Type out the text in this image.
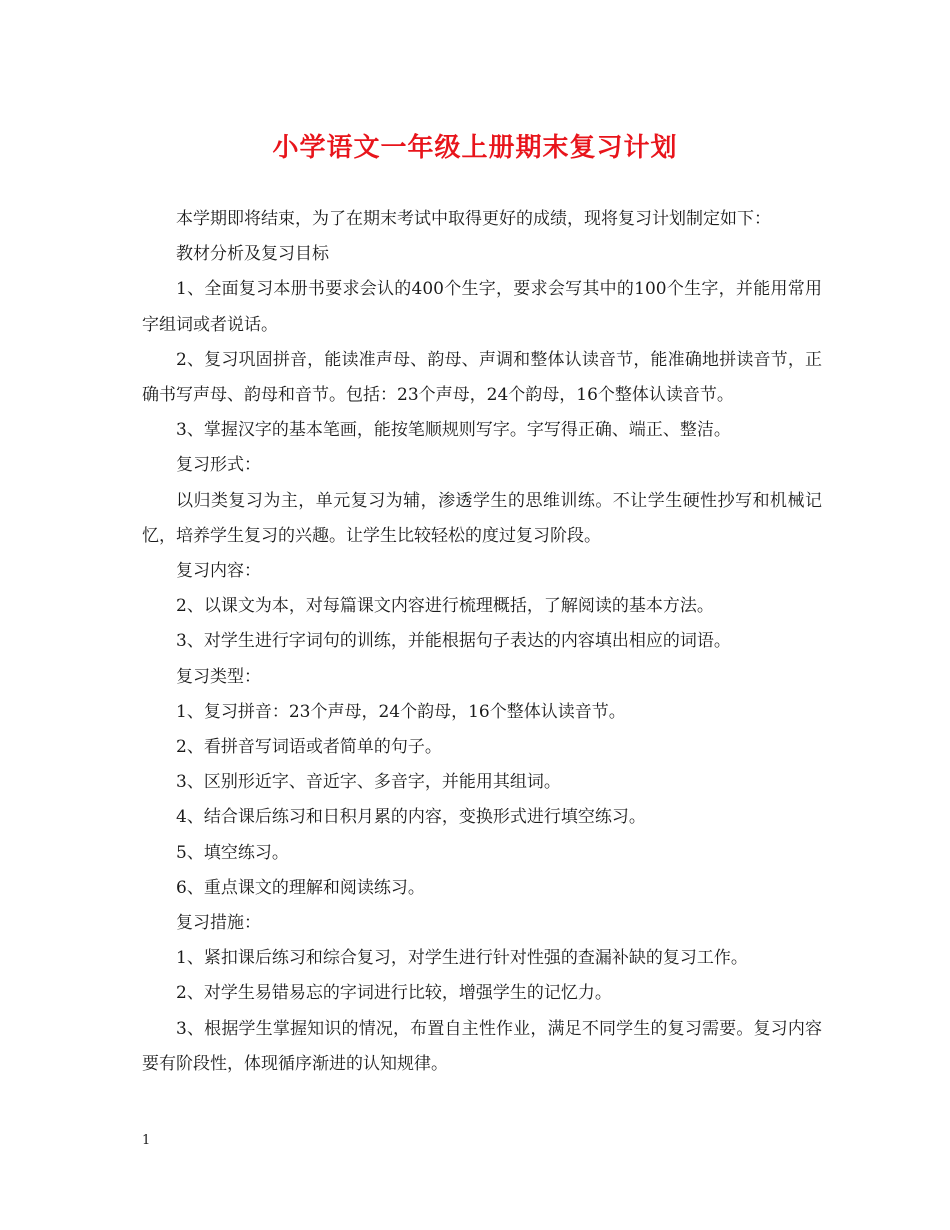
小学语文一年级上册期末复习计划

本学期即将结束，为了在期末考试中取得更好的成绩，现将复习计划制定如下：

教材分析及复习目标

1、全面复习本册书要求会认的400个生字，要求会写其中的100个生字，并能用常用字组词或者说话。

2、复习巩固拼音，能读准声母、韵母、声调和整体认读音节，能准确地拼读音节，正确书写声母、韵母和音节。包括：23个声母，24个韵母，16个整体认读音节。

3、掌握汉字的基本笔画，能按笔顺规则写字。字写得正确、端正、整洁。

复习形式：

以归类复习为主，单元复习为辅，渗透学生的思维训练。不让学生硬性抄写和机械记忆，培养学生复习的兴趣。让学生比较轻松的度过复习阶段。

复习内容：

2、以课文为本，对每篇课文内容进行梳理概括，了解阅读的基本方法。

3、对学生进行字词句的训练，并能根据句子表达的内容填出相应的词语。

复习类型：

1、复习拼音：23个声母，24个韵母，16个整体认读音节。

2、看拼音写词语或者简单的句子。

3、区别形近字、音近字、多音字，并能用其组词。

4、结合课后练习和日积月累的内容，变换形式进行填空练习。

5、填空练习。

6、重点课文的理解和阅读练习。

复习措施：

1、紧扣课后练习和综合复习，对学生进行针对性强的查漏补缺的复习工作。

2、对学生易错易忘的字词进行比较，增强学生的记忆力。

3、根据学生掌握知识的情况，布置自主性作业，满足不同学生的复习需要。复习内容要有阶段性，体现循序渐进的认知规律。

1
